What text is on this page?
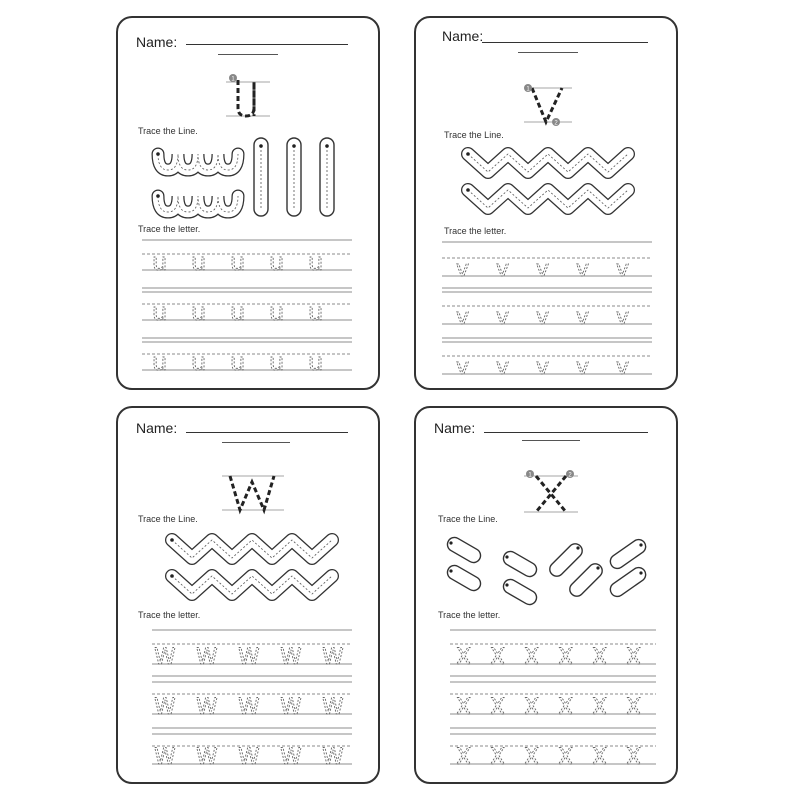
Name:
1
Trace the Line.
Trace the letter.
u u u u u
u u u u u
u u u u u
Name:
1
2
Trace the Line.
Trace the letter.
v v v v v
v v v v v
v v v v v
Name:
Trace the Line.
Trace the letter.
W W W W W
W W W W W
W W W W W
Name:
1	2
Trace the Line.
Trace the letter.
X X X X X X
X X X X X X
X X X X X X
